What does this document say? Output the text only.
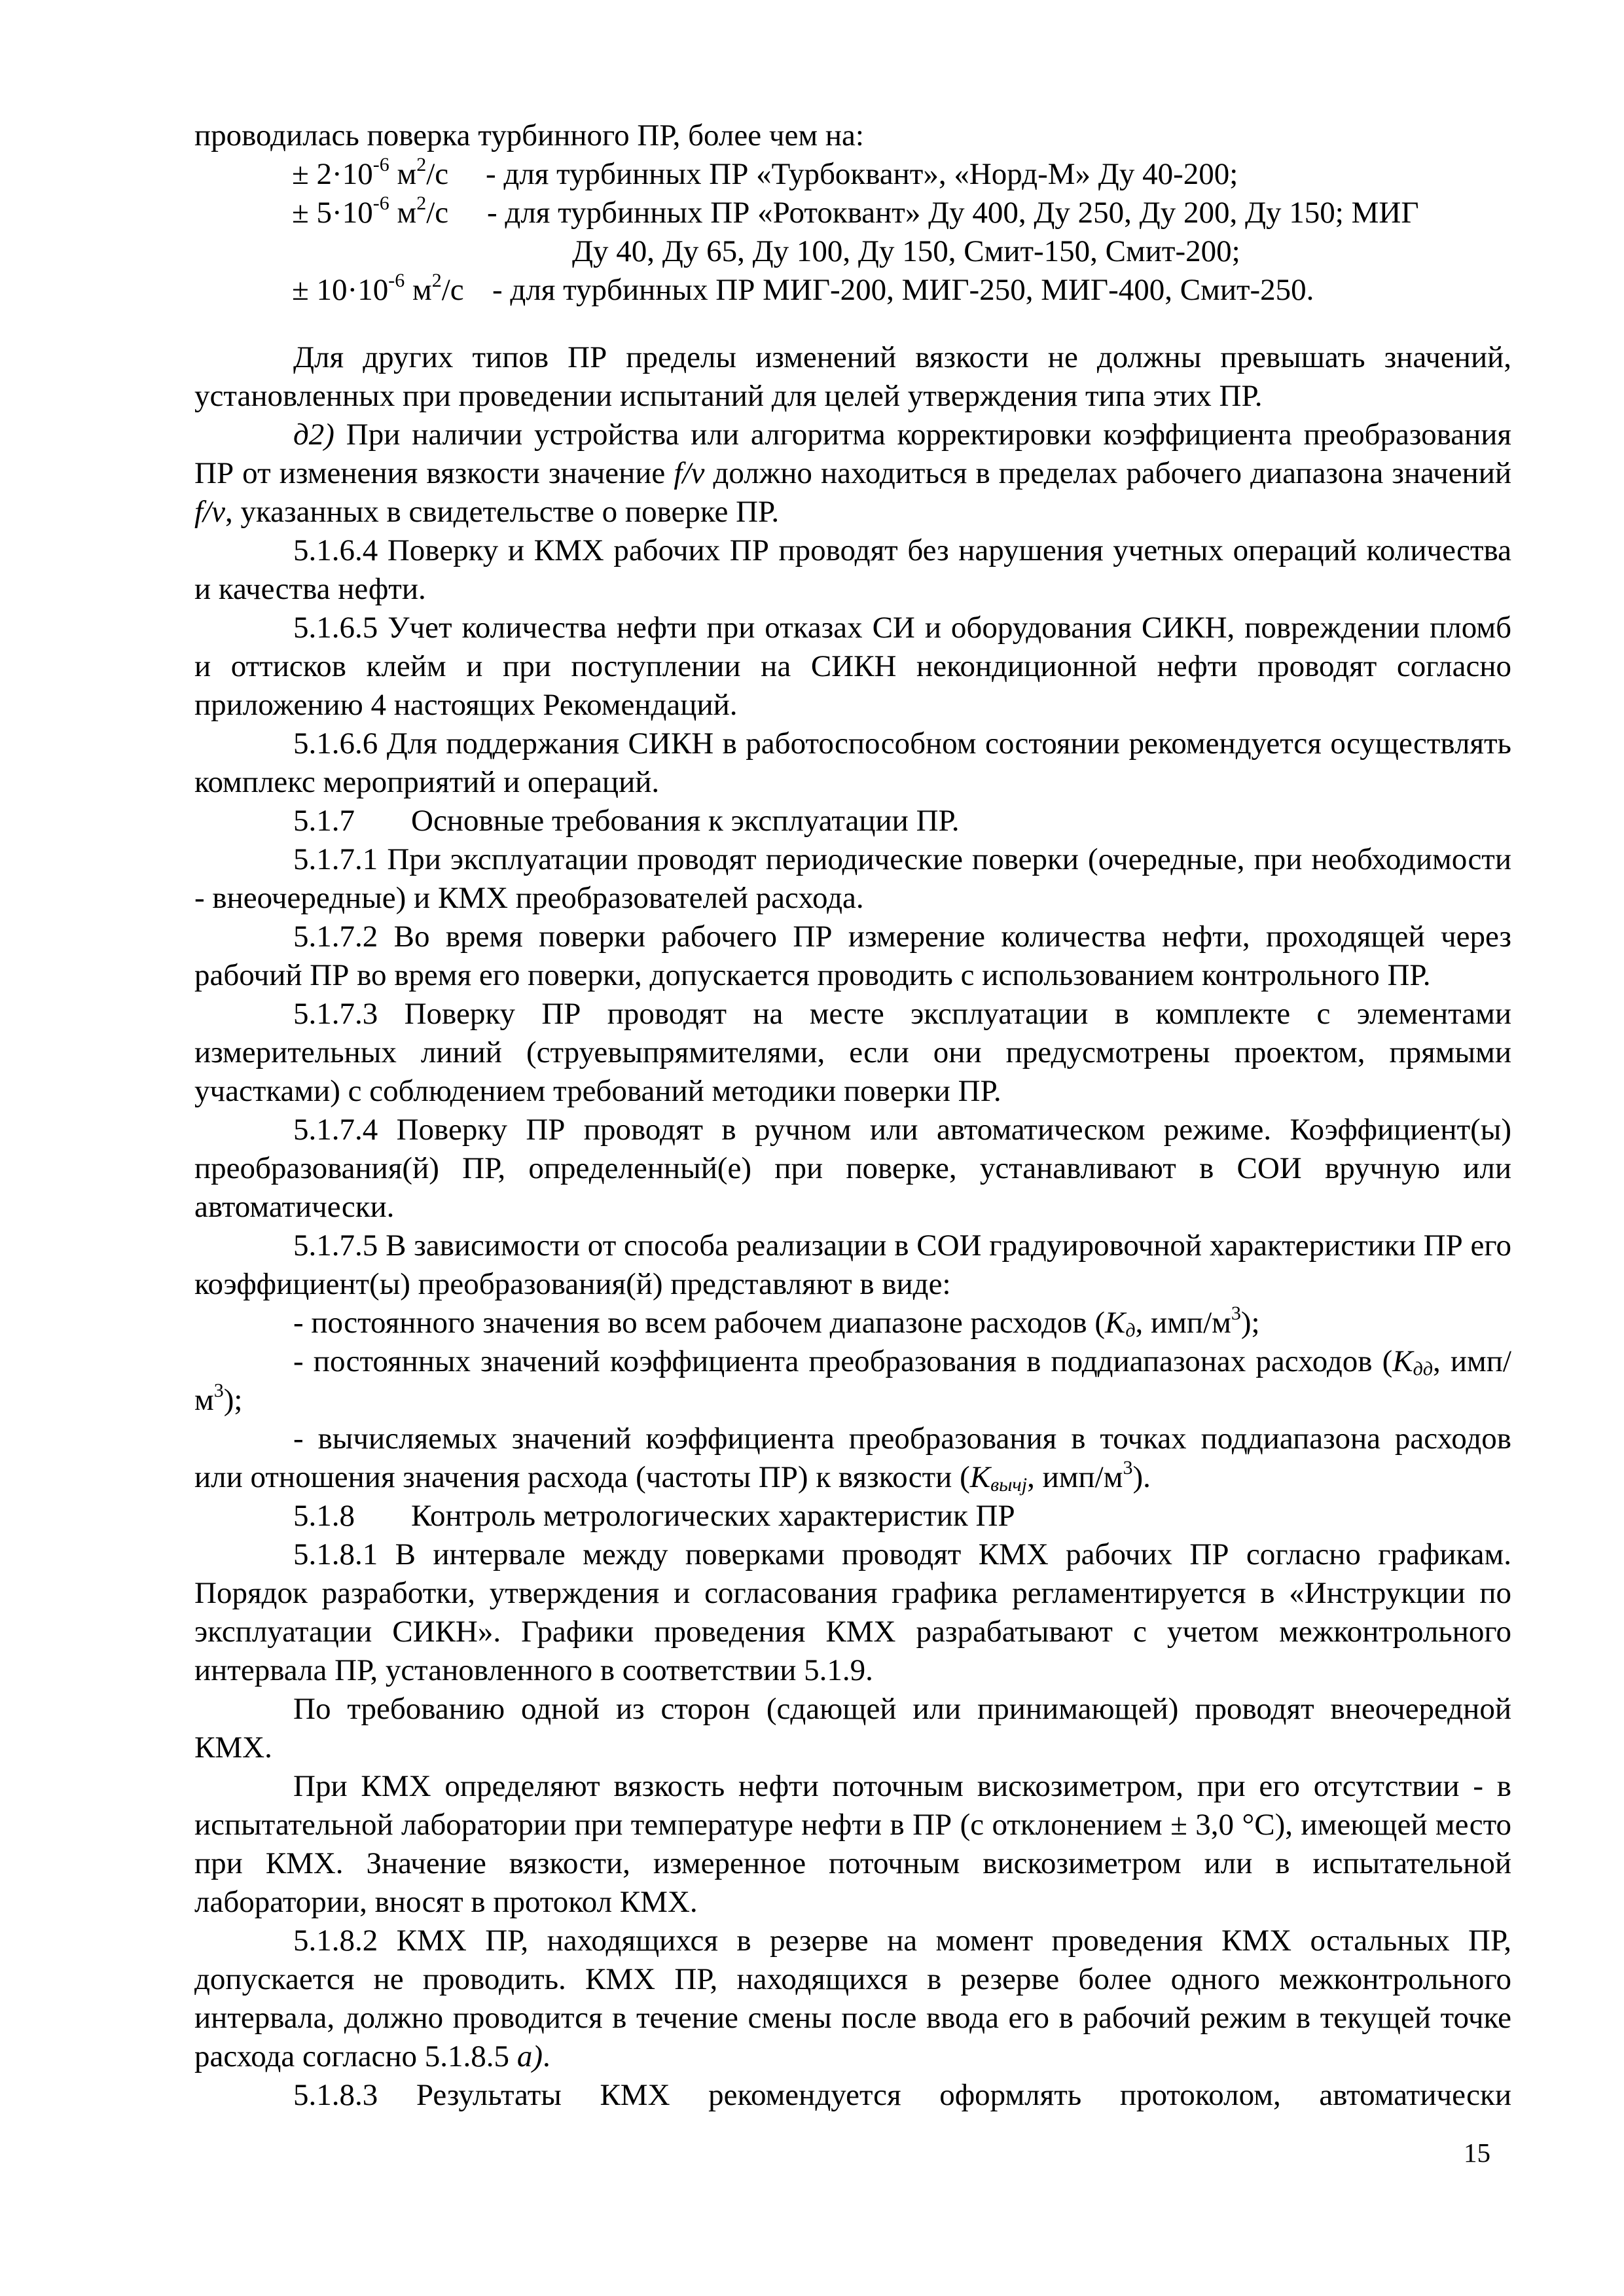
проводилась поверка турбинного ПР, более чем на:

± $2\cdot 10^{-6}$ $м^2/с$	- для турбинных ПР «Турбоквант», «Норд-М» Ду 40-200;
± $5\cdot 10^{-6}$ $м^2/с$	- для турбинных ПР «Ротоквант» Ду 400, Ду 250, Ду 200, Ду 150; МИГ
Ду 40, Ду 65, Ду 100, Ду 150, Смит-150, Смит-200;
± $10\cdot 10^{-6}$ $м^2/с$ - для турбинных ПР МИГ-200, МИГ-250, МИГ-400, Смит-250.

Для других типов ПР пределы изменений вязкости не должны превышать значений, установленных при проведении испытаний для целей утверждения типа этих ПР.

д2) При наличии устройства или алгоритма корректировки коэффициента преобразования ПР от изменения вязкости значение f/v должно находиться в пределах рабочего диапазона значений f/v, указанных в свидетельстве о поверке ПР.

5.1.6.4 Поверку и КМХ рабочих ПР проводят без нарушения учетных операций количества и качества нефти.

5.1.6.5 Учет количества нефти при отказах СИ и оборудования СИКН, повреждении пломб и оттисков клейм и при поступлении на СИКН некондиционной нефти проводят согласно приложению 4 настоящих Рекомендаций.

5.1.6.6 Для поддержания СИКН в работоспособном состоянии рекомендуется осуществлять комплекс мероприятий и операций.

5.1.7 Основные требования к эксплуатации ПР.

5.1.7.1 При эксплуатации проводят периодические поверки (очередные, при необходимости - внеочередные) и КМХ преобразователей расхода.

5.1.7.2 Во время поверки рабочего ПР измерение количества нефти, проходящей через рабочий ПР во время его поверки, допускается проводить с использованием контрольного ПР.

5.1.7.3 Поверку ПР проводят на месте эксплуатации в комплекте с элементами измерительных линий (струевыпрямителями, если они предусмотрены проектом, прямыми участками) с соблюдением требований методики поверки ПР.

5.1.7.4 Поверку ПР проводят в ручном или автоматическом режиме. Коэффициент(ы) преобразования(й) ПР, определенный(е) при поверке, устанавливают в СОИ вручную или автоматически.

5.1.7.5 В зависимости от способа реализации в СОИ градуировочной характеристики ПР его коэффициент(ы) преобразования(й) представляют в виде:

- постоянного значения во всем рабочем диапазоне расходов ($K_д$, имп/$м^3$);

- постоянных значений коэффициента преобразования в поддиапазонах расходов ($K_{дд}$, имп/$м^3$);

- вычисляемых значений коэффициента преобразования в точках поддиапазона расходов или отношения значения расхода (частоты ПР) к вязкости ($K_{вычj}$, имп/$м^3$).

5.1.8 Контроль метрологических характеристик ПР

5.1.8.1 В интервале между поверками проводят КМХ рабочих ПР согласно графикам. Порядок разработки, утверждения и согласования графика регламентируется в «Инструкции по эксплуатации СИКН». Графики проведения КМХ разрабатывают с учетом межконтрольного интервала ПР, установленного в соответствии 5.1.9.

По требованию одной из сторон (сдающей или принимающей) проводят внеочередной КМХ.

При КМХ определяют вязкость нефти поточным вискозиметром, при его отсутствии - в испытательной лаборатории при температуре нефти в ПР (с отклонением ± 3,0 °С), имеющей место при КМХ. Значение вязкости, измеренное поточным вискозиметром или в испытательной лаборатории, вносят в протокол КМХ.

5.1.8.2 КМХ ПР, находящихся в резерве на момент проведения КМХ остальных ПР, допускается не проводить. КМХ ПР, находящихся в резерве более одного межконтрольного интервала, должно проводится в течение смены после ввода его в рабочий режим в текущей точке расхода согласно 5.1.8.5 а).

5.1.8.3 Результаты КМХ рекомендуется оформлять протоколом, автоматически

15
